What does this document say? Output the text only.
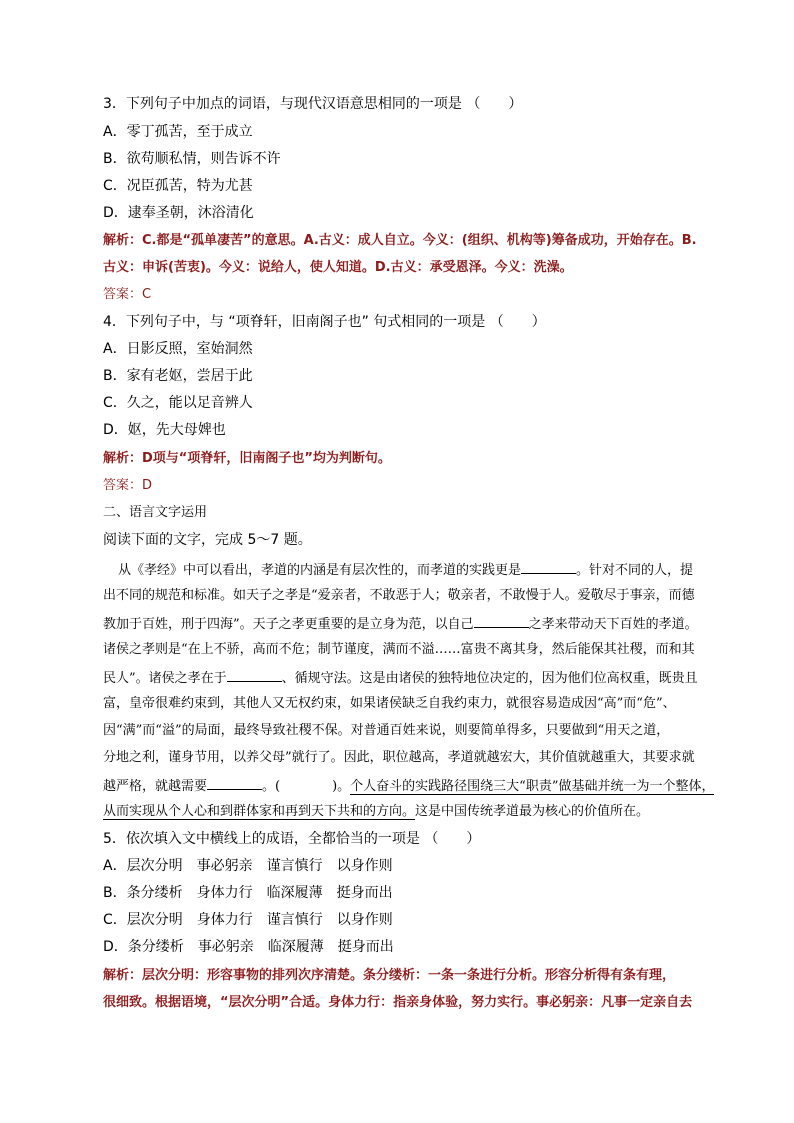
3．下列句子中加点的词语，与现代汉语意思相同的一项是 （　　）
A．零丁孤苦，至于成立
B．欲苟顺私情，则告诉不许
C．况臣孤苦，特为尤甚
D．逮奉圣朝，沐浴清化
解析：C.都是“孤单凄苦”的意思。A.古义：成人自立。今义：(组织、机构等)筹备成功，开始存在。B.
古义：申诉(苦衷)。今义：说给人，使人知道。D.古义：承受恩泽。今义：洗澡。
答案：C
4．下列句子中，与 “项脊轩，旧南阁子也” 句式相同的一项是 （　　）
A．日影反照，室始洞然
B．家有老妪，尝居于此
C．久之，能以足音辨人
D．妪，先大母婢也
解析：D项与“项脊轩，旧南阁子也”均为判断句。
答案：D
二、语言文字运用
阅读下面的文字，完成 5～7 题。
从《孝经》中可以看出，孝道的内涵是有层次性的，而孝道的实践更是	。针对不同的人，提
出不同的规范和标准。如天子之孝是“爱亲者，不敢恶于人；敬亲者，不敢慢于人。爱敬尽于事亲，而德
教加于百姓，刑于四海”。天子之孝更重要的是立身为范，以自己	之孝来带动天下百姓的孝道。
诸侯之孝则是“在上不骄，高而不危；制节谨度，满而不溢……富贵不离其身，然后能保其社稷，而和其
民人”。诸侯之孝在于	、循规守法。这是由诸侯的独特地位决定的，因为他们位高权重，既贵且
富，皇帝很难约束到，其他人又无权约束，如果诸侯缺乏自我约束力，就很容易造成因“高”而“危”、
因“满”而“溢”的局面，最终导致社稷不保。对普通百姓来说，则要简单得多，只要做到“用天之道，
分地之利，谨身节用，以养父母”就行了。因此，职位越高，孝道就越宏大，其价值就越重大，其要求就
越严格，就越需要	。(　　　　)。个人奋斗的实践路径围绕三大“职责”做基础并统一为一个整体，
从而实现从个人心和到群体家和再到天下共和的方向。这是中国传统孝道最为核心的价值所在。
5．依次填入文中横线上的成语，全都恰当的一项是 （　　）
A．层次分明　事必躬亲　谨言慎行　以身作则
B．条分缕析　身体力行　临深履薄　挺身而出
C．层次分明　身体力行　谨言慎行　以身作则
D．条分缕析　事必躬亲　临深履薄　挺身而出
解析：层次分明：形容事物的排列次序清楚。条分缕析：一条一条进行分析。形容分析得有条有理，
很细致。根据语境，“层次分明”合适。身体力行：指亲身体验，努力实行。事必躬亲：凡事一定亲自去
